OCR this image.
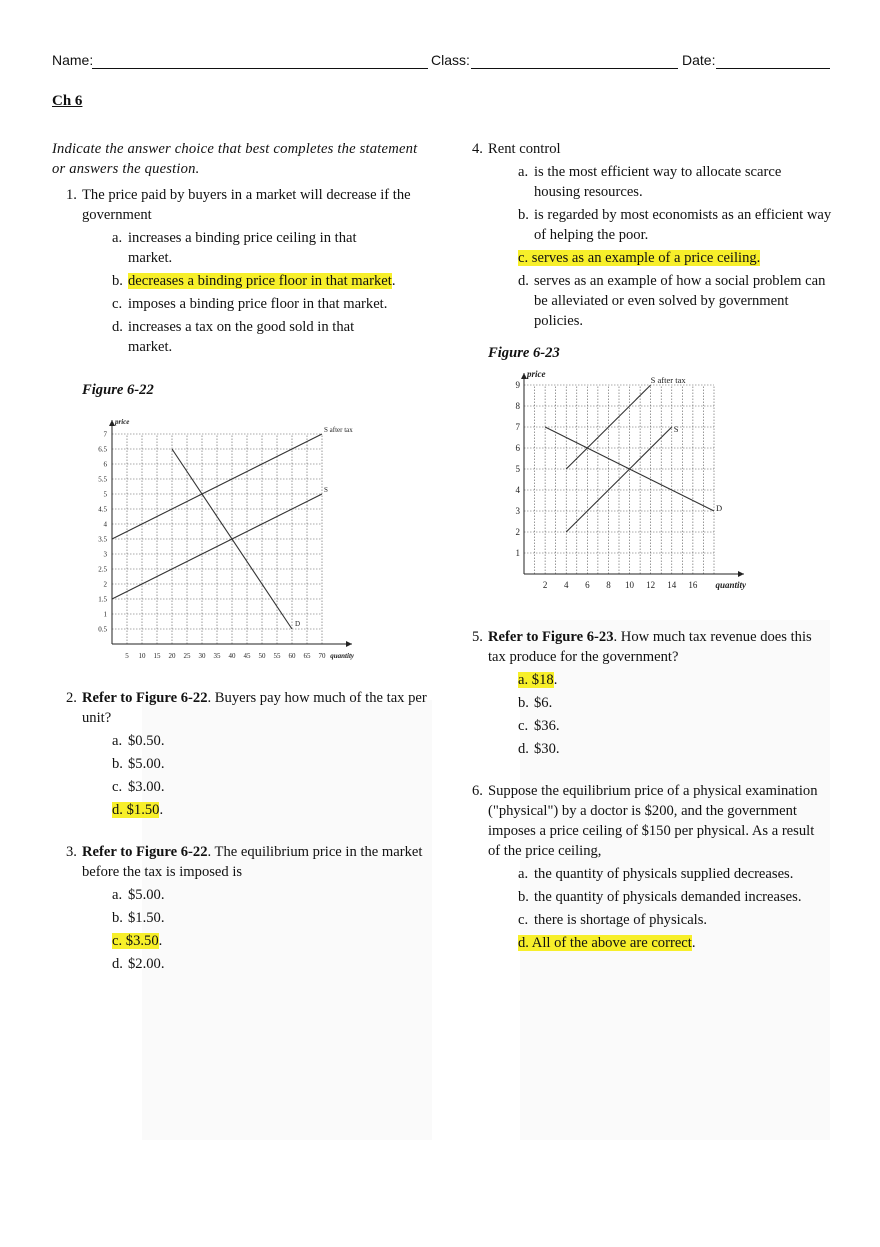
Name:	Class:	Date:
Ch 6
Indicate the answer choice that best completes the statement or answers the question.
1. The price paid by buyers in a market will decrease if the government
a. increases a binding price ceiling in that market.
b. decreases a binding price floor in that market.
c. imposes a binding price floor in that market.
d. increases a tax on the good sold in that market.
Figure 6-22
5 10 15 20 25 30 35 40 45 50 55 60 65 70
0.5
1
1.5
2
2.5
3
3.5
4
4.5
5
5.5
6
6.5
7
price
quantity
S after tax
S
D
2. Refer to Figure 6-22. Buyers pay how much of the tax per unit?
a. $0.50.
b. $5.00.
c. $3.00.
d. $1.50.
3. Refer to Figure 6-22. The equilibrium price in the market before the tax is imposed is
a. $5.00.
b. $1.50.
c. $3.50.
d. $2.00.
4. Rent control
a. is the most efficient way to allocate scarce housing resources.
b. is regarded by most economists as an efficient way of helping the poor.
c. serves as an example of a price ceiling.
d. serves as an example of how a social problem can be alleviated or even solved by government policies.
Figure 6-23
2 4 6 8 10 12 14 16
1
2
3
4
5
6
7
8
9
price
quantity
S after tax
S
D
5. Refer to Figure 6-23. How much tax revenue does this tax produce for the government?
a. $18.
b. $6.
c. $36.
d. $30.
6. Suppose the equilibrium price of a physical examination ("physical") by a doctor is $200, and the government imposes a price ceiling of $150 per physical. As a result of the price ceiling,
a. the quantity of physicals supplied decreases.
b. the quantity of physicals demanded increases.
c. there is shortage of physicals.
d. All of the above are correct.
